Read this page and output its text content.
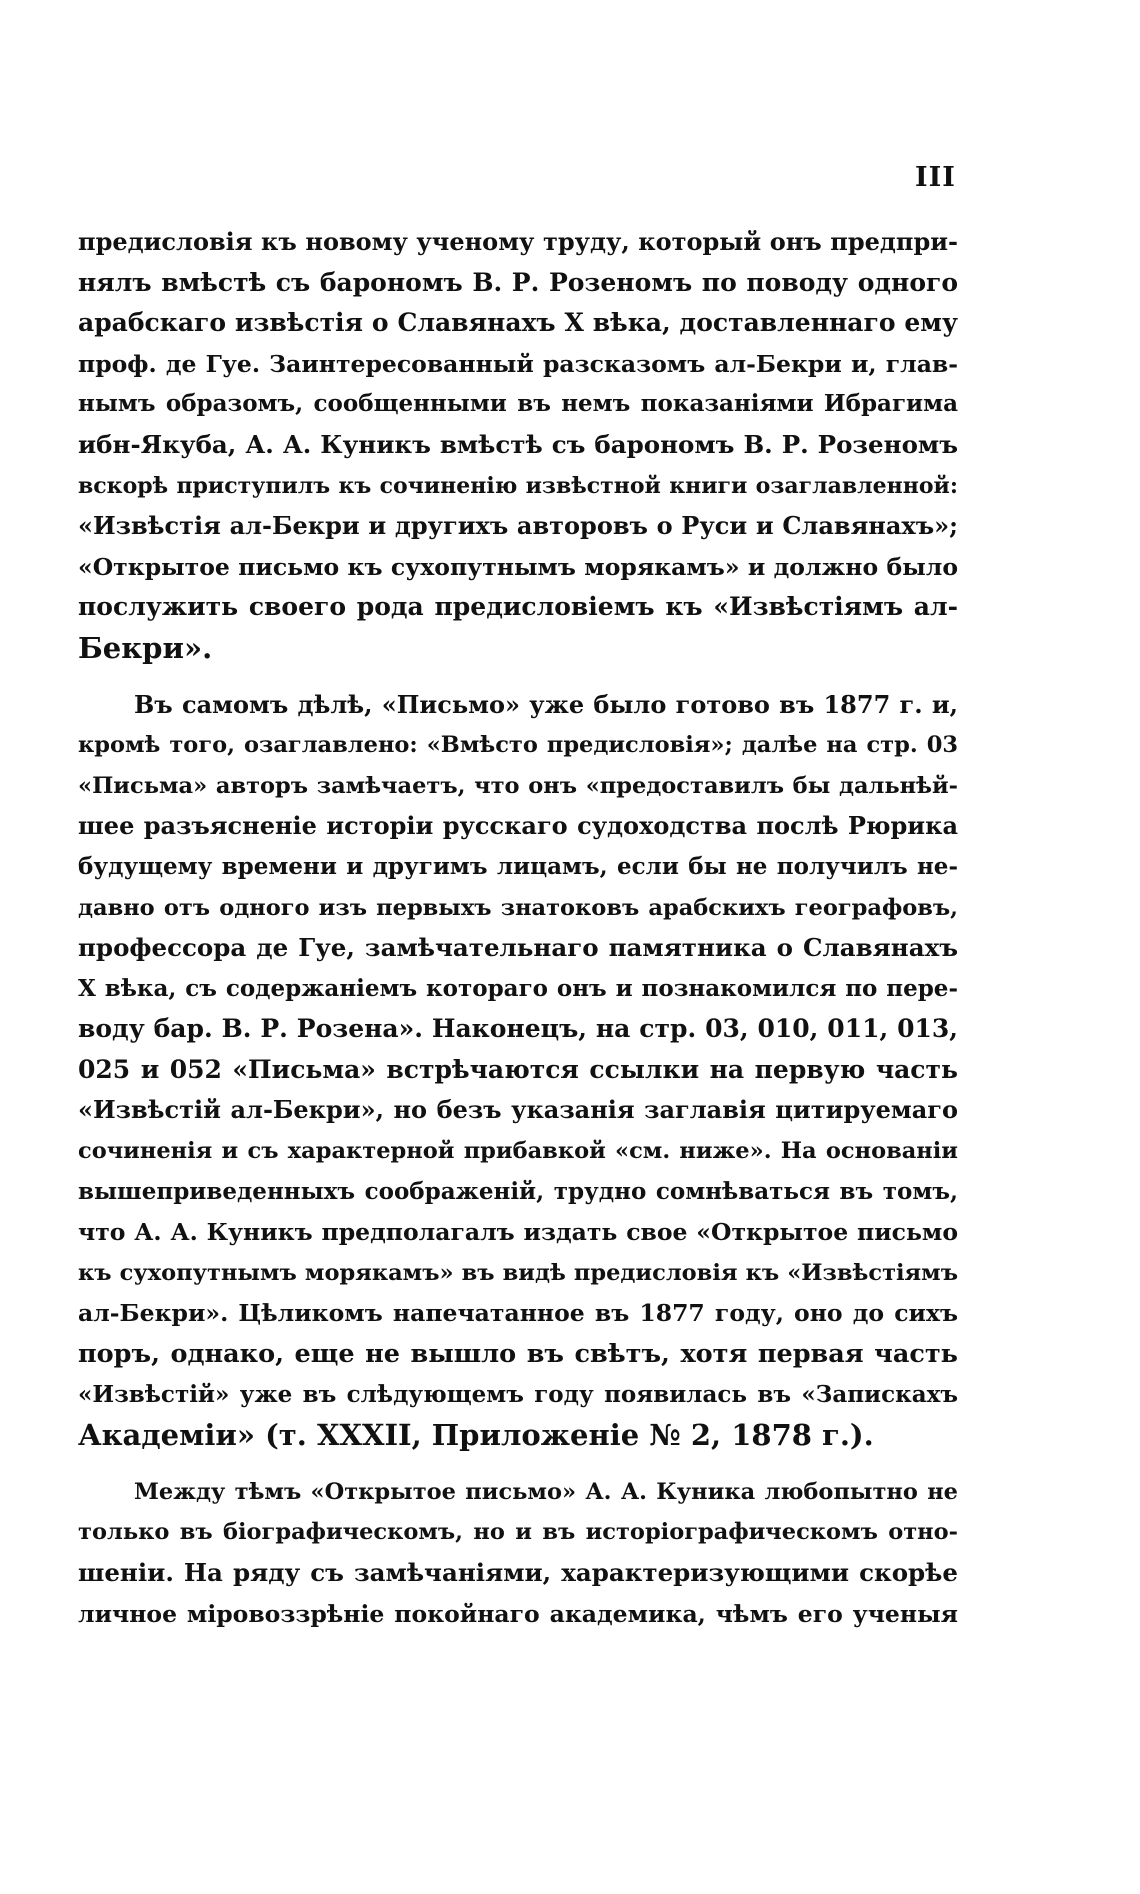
III
предисловія къ новому ученому труду, который онъ предпри-
нялъ вмѣстѣ съ барономъ В. Р. Розеномъ по поводу одного
арабскаго извѣстія о Славянахъ X вѣка, доставленнаго ему
проф. де Гуе. Заинтересованный разсказомъ ал-Бекри и, глав-
нымъ образомъ, сообщенными въ немъ показаніями Ибрагима
ибн-Якуба, А. А. Куникъ вмѣстѣ съ барономъ В. Р. Розеномъ
вскорѣ приступилъ къ сочиненію извѣстной книги озаглавленной:
«Извѣстія ал-Бекри и другихъ авторовъ о Руси и Славянахъ»;
«Открытое письмо къ сухопутнымъ морякамъ» и должно было
послужить своего рода предисловіемъ къ «Извѣстіямъ ал-
Бекри».
Въ самомъ дѣлѣ, «Письмо» уже было готово въ 1877 г. и,
кромѣ того, озаглавлено: «Вмѣсто предисловія»; далѣе на стр. 03
«Письма» авторъ замѣчаетъ, что онъ «предоставилъ бы дальнѣй-
шее разъясненіе исторіи русскаго судоходства послѣ Рюрика
будущему времени и другимъ лицамъ, если бы не получилъ не-
давно отъ одного изъ первыхъ знатоковъ арабскихъ географовъ,
профессора де Гуе, замѣчательнаго памятника о Славянахъ
X вѣка, съ содержаніемъ котораго онъ и познакомился по пере-
воду бар. В. Р. Розена». Наконецъ, на стр. 03, 010, 011, 013,
025 и 052 «Письма» встрѣчаются ссылки на первую часть
«Извѣстій ал-Бекри», но безъ указанія заглавія цитируемаго
сочиненія и съ характерной прибавкой «см. ниже». На основаніи
вышеприведенныхъ соображеній, трудно сомнѣваться въ томъ,
что А. А. Куникъ предполагалъ издать свое «Открытое письмо
къ сухопутнымъ морякамъ» въ видѣ предисловія къ «Извѣстіямъ
ал-Бекри». Цѣликомъ напечатанное въ 1877 году, оно до сихъ
поръ, однако, еще не вышло въ свѣтъ, хотя первая часть
«Извѣстій» уже въ слѣдующемъ году появилась въ «Запискахъ
Академіи» (т. XXXII, Приложеніе № 2, 1878 г.).
Между тѣмъ «Открытое письмо» А. А. Куника любопытно не
только въ біографическомъ, но и въ исторіографическомъ отно-
шеніи. На ряду съ замѣчаніями, характеризующими скорѣе
личное міровоззрѣніе покойнаго академика, чѣмъ его ученыя
